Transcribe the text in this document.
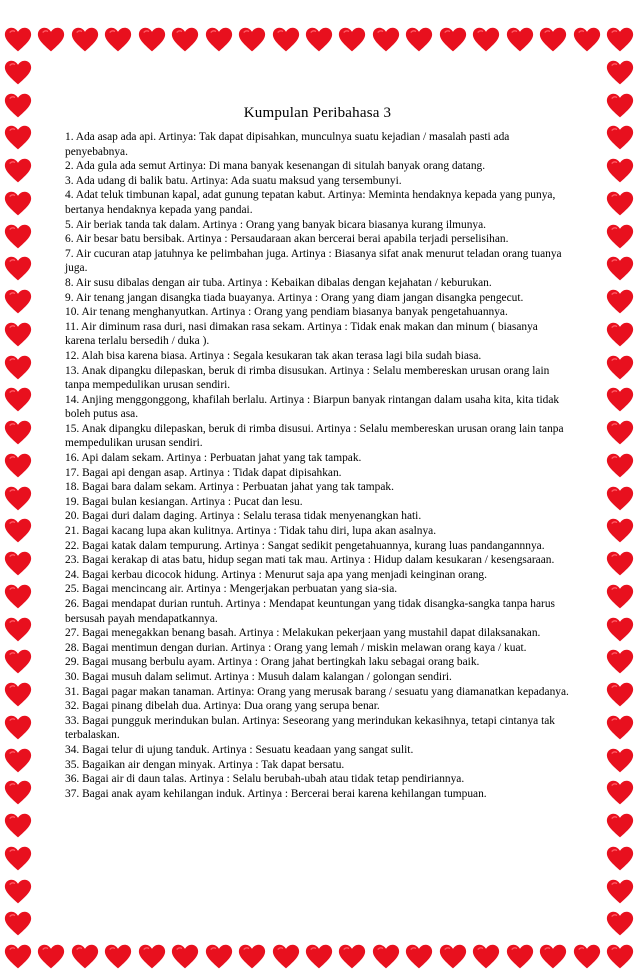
Kumpulan Peribahasa 3

1. Ada asap ada api. Artinya: Tak dapat dipisahkan, munculnya suatu kejadian / masalah pasti ada penyebabnya.

2. Ada gula ada semut Artinya: Di mana banyak kesenangan di situlah banyak orang datang.

3. Ada udang di balik batu. Artinya: Ada suatu maksud yang tersembunyi.

4. Adat teluk timbunan kapal, adat gunung tepatan kabut. Artinya: Meminta hendaknya kepada yang punya, bertanya hendaknya kepada yang pandai.

5. Air beriak tanda tak dalam. Artinya : Orang yang banyak bicara biasanya kurang ilmunya.

6. Air besar batu bersibak. Artinya : Persaudaraan akan bercerai berai apabila terjadi perselisihan.

7. Air cucuran atap jatuhnya ke pelimbahan juga. Artinya : Biasanya sifat anak menurut teladan orang tuanya juga.

8. Air susu dibalas dengan air tuba. Artinya : Kebaikan dibalas dengan kejahatan / keburukan.

9. Air tenang jangan disangka tiada buayanya. Artinya : Orang yang diam jangan disangka pengecut.

10. Air tenang menghanyutkan. Artinya : Orang yang pendiam biasanya banyak pengetahuannya.

11. Air diminum rasa duri, nasi dimakan rasa sekam. Artinya : Tidak enak makan dan minum ( biasanya karena terlalu bersedih / duka ).

12. Alah bisa karena biasa. Artinya : Segala kesukaran tak akan terasa lagi bila sudah biasa.

13. Anak dipangku dilepaskan, beruk di rimba disusukan. Artinya : Selalu membereskan urusan orang lain tanpa mempedulikan urusan sendiri.

14. Anjing menggonggong, khafilah berlalu. Artinya : Biarpun banyak rintangan dalam usaha kita, kita tidak boleh putus asa.

15. Anak dipangku dilepaskan, beruk di rimba disusui. Artinya : Selalu membereskan urusan orang lain tanpa mempedulikan urusan sendiri.

16. Api dalam sekam. Artinya : Perbuatan jahat yang tak tampak.

17. Bagai api dengan asap. Artinya : Tidak dapat dipisahkan.

18. Bagai bara dalam sekam. Artinya : Perbuatan jahat yang tak tampak.

19. Bagai bulan kesiangan. Artinya : Pucat dan lesu.

20. Bagai duri dalam daging. Artinya : Selalu terasa tidak menyenangkan hati.

21. Bagai kacang lupa akan kulitnya. Artinya : Tidak tahu diri, lupa akan asalnya.

22. Bagai katak dalam tempurung. Artinya : Sangat sedikit pengetahuannya, kurang luas pandangannnya.

23. Bagai kerakap di atas batu, hidup segan mati tak mau. Artinya : Hidup dalam kesukaran / kesengsaraan. 24. Bagai kerbau dicocok hidung. Artinya : Menurut saja apa yang menjadi keinginan orang.

25. Bagai mencincang air. Artinya : Mengerjakan perbuatan yang sia-sia.

26. Bagai mendapat durian runtuh. Artinya : Mendapat keuntungan yang tidak disangka-sangka tanpa harus bersusah payah mendapatkannya.

27. Bagai menegakkan benang basah. Artinya : Melakukan pekerjaan yang mustahil dapat dilaksanakan.

28. Bagai mentimun dengan durian. Artinya : Orang yang lemah / miskin melawan orang kaya / kuat.

29. Bagai musang berbulu ayam. Artinya : Orang jahat bertingkah laku sebagai orang baik.

30. Bagai musuh dalam selimut. Artinya : Musuh dalam kalangan / golongan sendiri.

31. Bagai pagar makan tanaman. Artinya: Orang yang merusak barang / sesuatu yang diamanatkan kepadanya.

32. Bagai pinang dibelah dua. Artinya: Dua orang yang serupa benar.

33. Bagai pungguk merindukan bulan. Artinya: Seseorang yang merindukan kekasihnya, tetapi cintanya tak terbalaskan.

34. Bagai telur di ujung tanduk. Artinya : Sesuatu keadaan yang sangat sulit.

35. Bagaikan air dengan minyak. Artinya : Tak dapat bersatu.

36. Bagai air di daun talas. Artinya : Selalu berubah-ubah atau tidak tetap pendiriannya.

37. Bagai anak ayam kehilangan induk. Artinya : Bercerai berai karena kehilangan tumpuan.
